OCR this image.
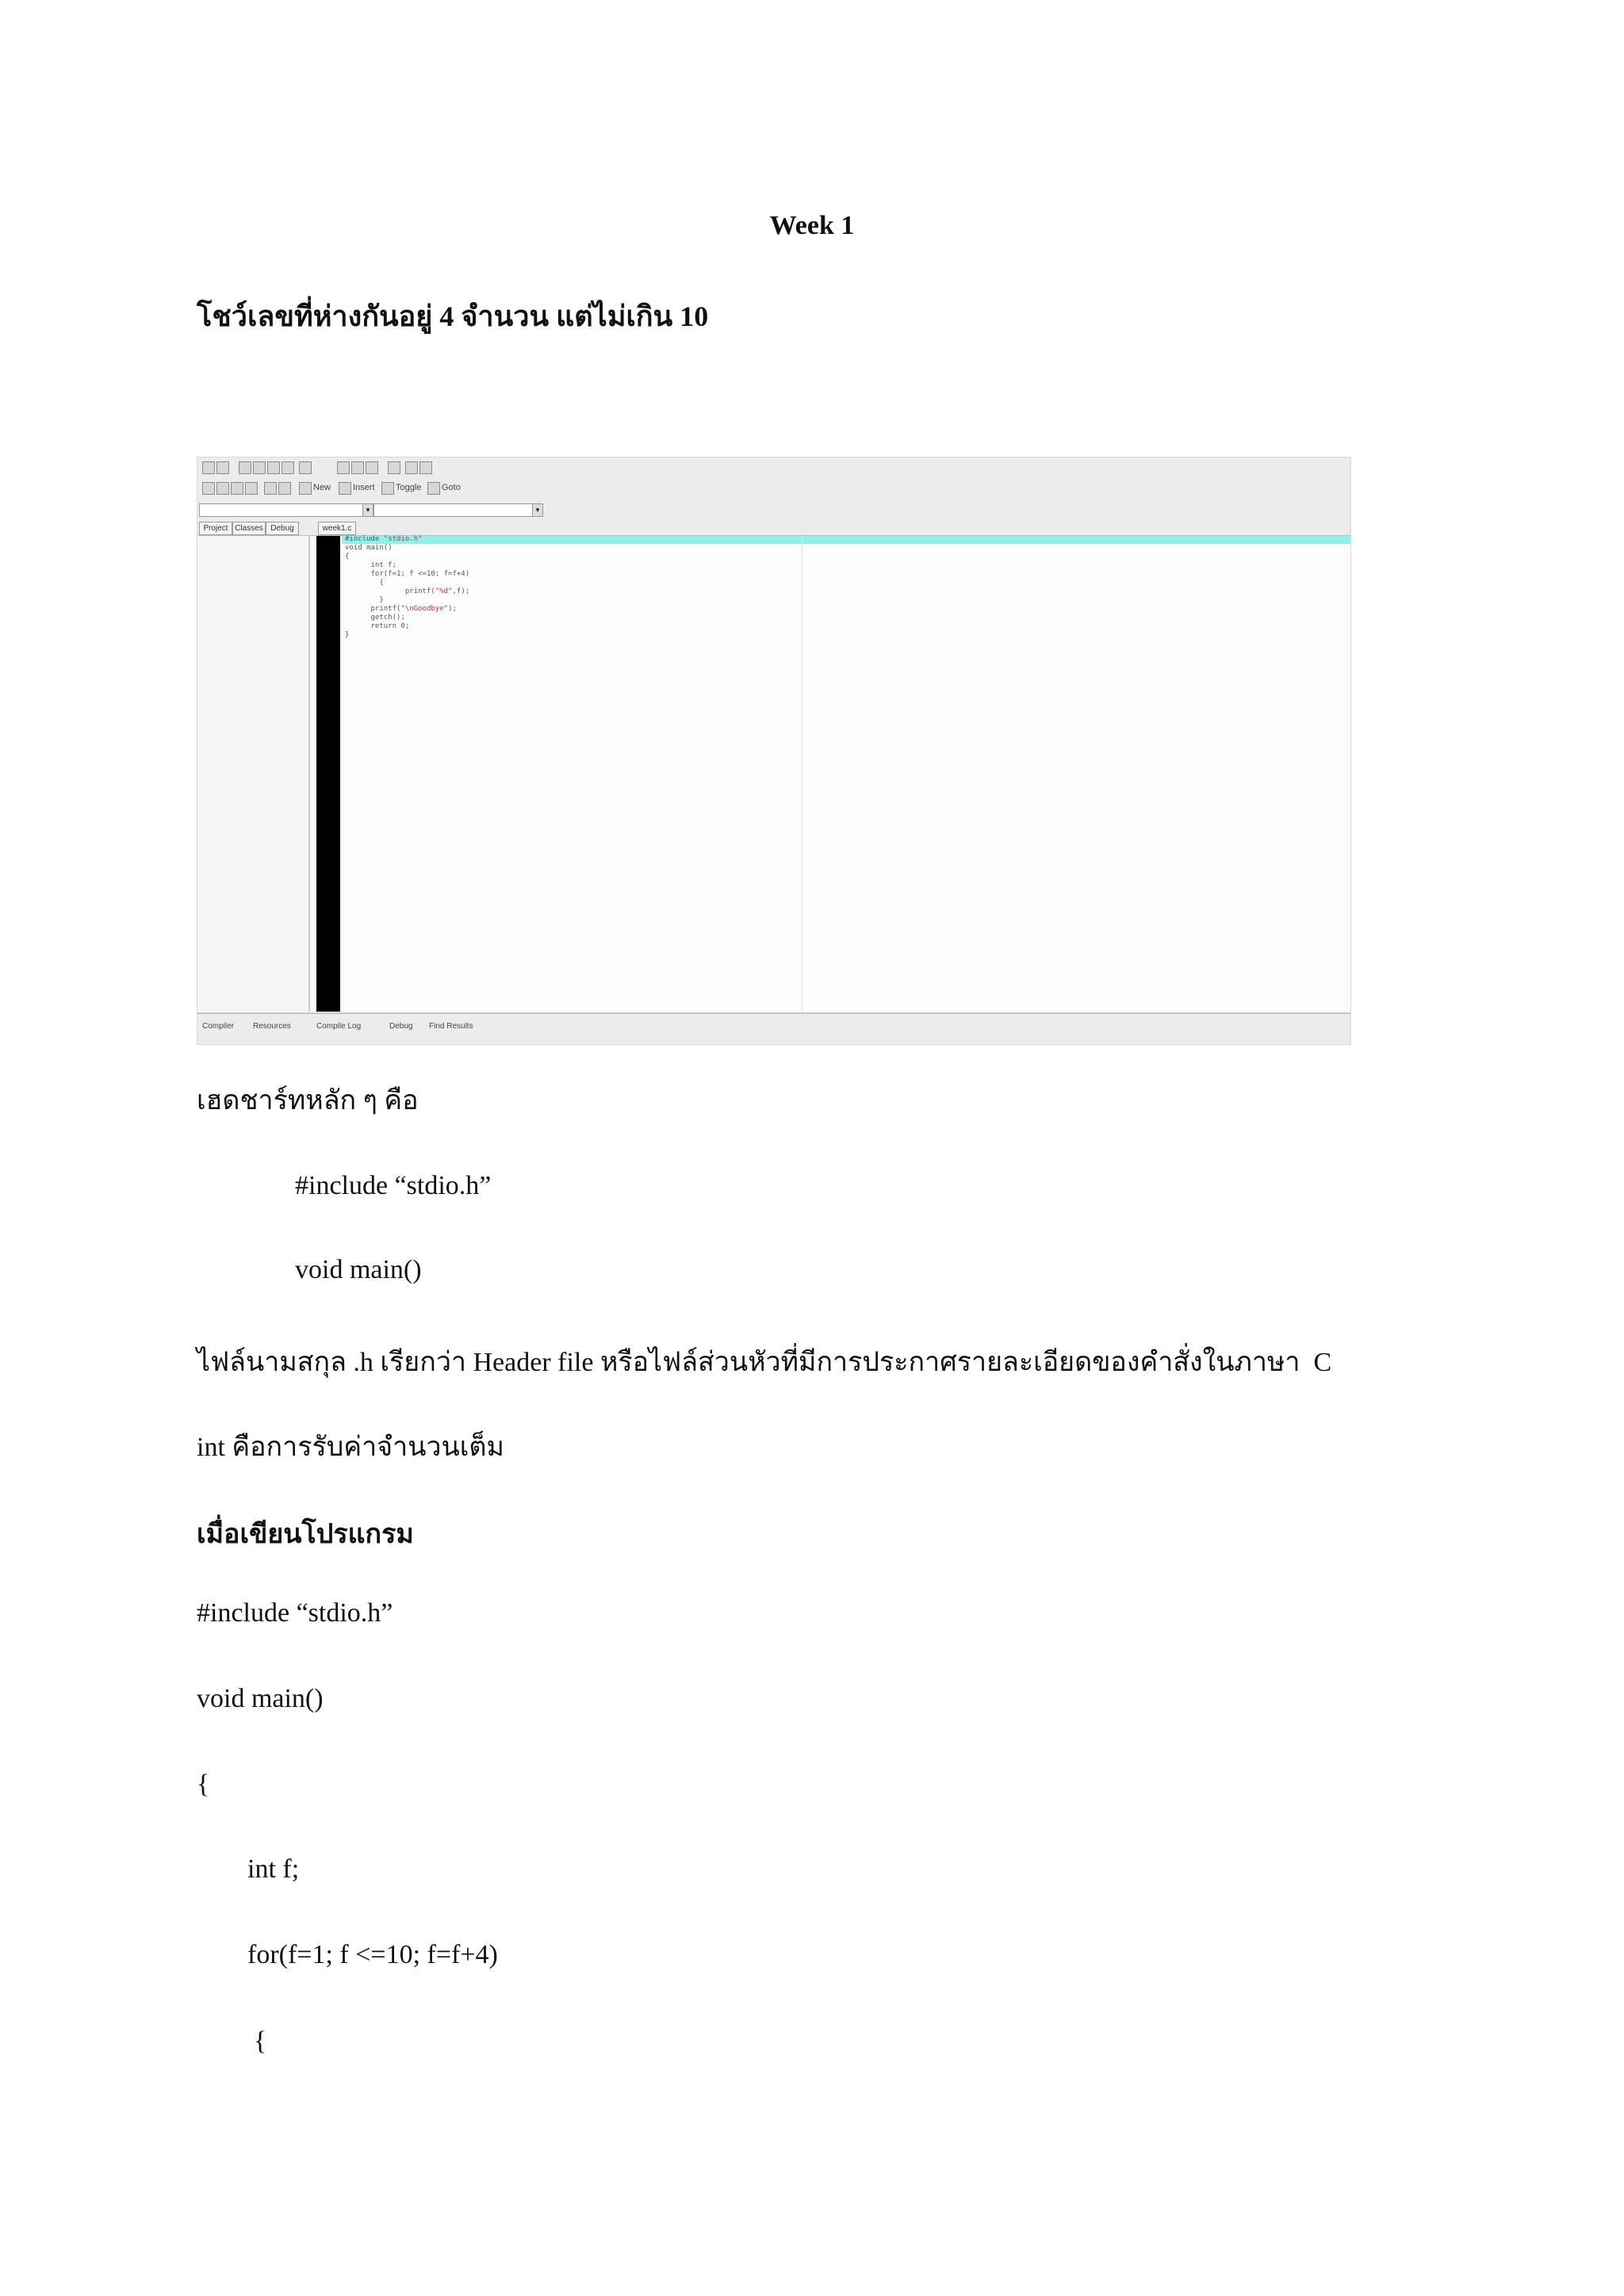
Week 1
โชว์เลขที่ห่างกันอยู่ 4 จำนวน แต่ไม่เกิน 10
New	Insert Toggle Goto
▾	▾
Project Classes Debug	week1.c
#include "stdio.h"
void main()
{
int f;
for(f=1; f <=10; f=f+4)
{
printf("%d",f);
}
printf("\nGoodbye");
getch();
return 0;
}
Compiler Resources	Compile Log	Debug Find Results
เฮดชาร์ทหลัก ๆ คือ
#include “stdio.h”
void main()
ไฟล์นามสกุล .h เรียกว่า Header file หรือไฟล์ส่วนหัวที่มีการประกาศรายละเอียดของคำสั่งในภาษา  C
int คือการรับค่าจำนวนเต็ม
เมื่อเขียนโปรแกรม
#include “stdio.h”
void main()
{
int f;
for(f=1; f <=10; f=f+4)
{
